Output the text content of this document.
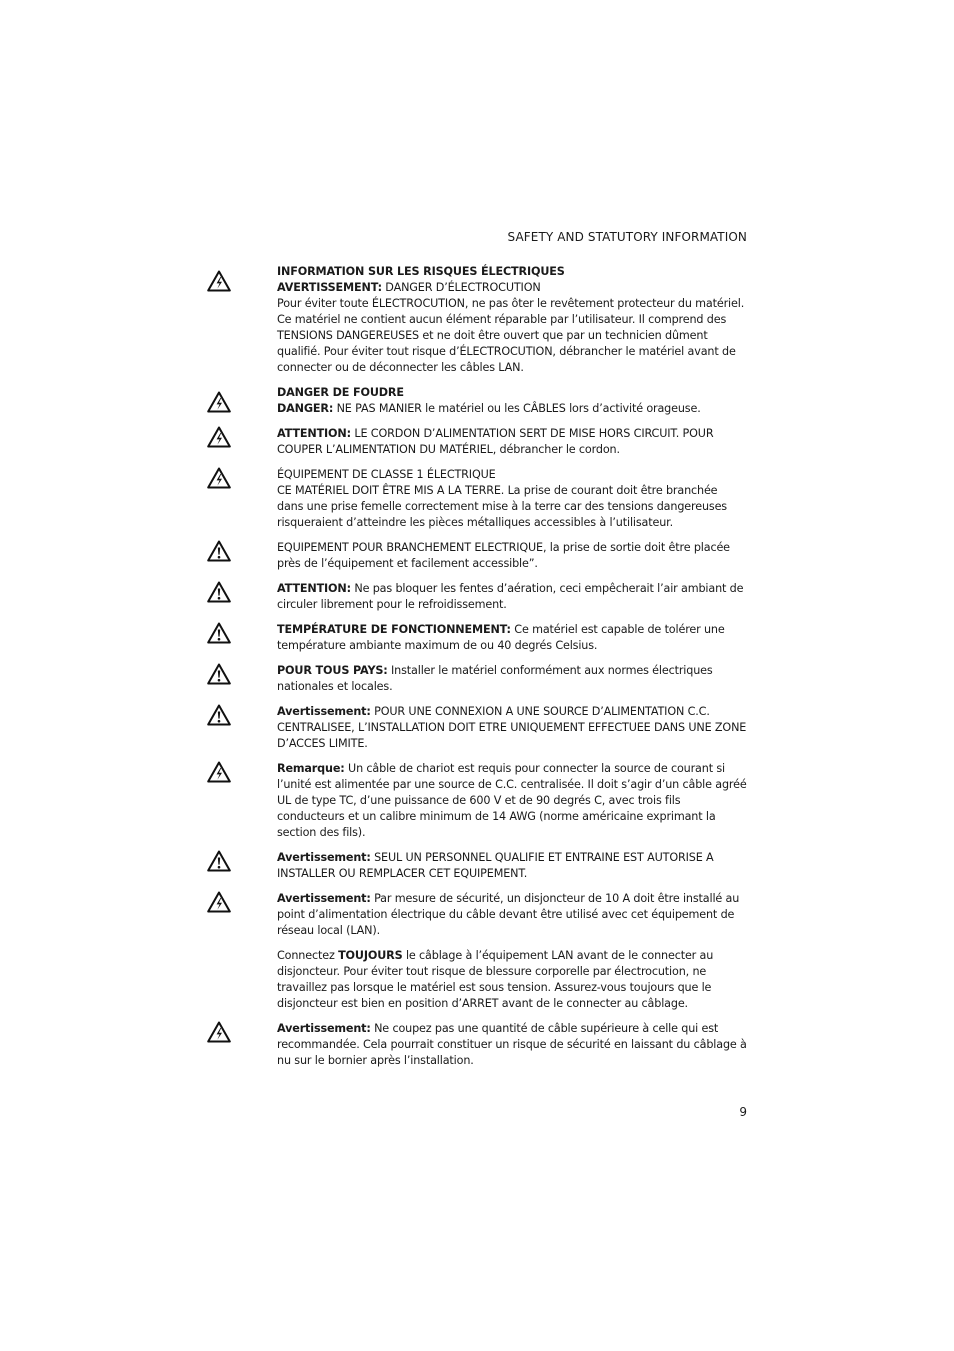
SAFETY AND STATUTORY INFORMATION

INFORMATION SUR LES RISQUES ÉLECTRIQUES

AVERTISSEMENT: DANGER D’ÉLECTROCUTION

Pour éviter toute ÉLECTROCUTION, ne pas ôter le revêtement protecteur du matériel. Ce matériel ne contient aucun élément réparable par l’utilisateur. Il comprend des TENSIONS DANGEREUSES et ne doit être ouvert que par un technicien dûment qualifié. Pour éviter tout risque d’ÉLECTROCUTION, débrancher le matériel avant de connecter ou de déconnecter les câbles LAN.

DANGER DE FOUDRE

DANGER: NE PAS MANIER le matériel ou les CÂBLES lors d’activité orageuse.

ATTENTION: LE CORDON D’ALIMENTATION SERT DE MISE HORS CIRCUIT. POUR COUPER L’ALIMENTATION DU MATÉRIEL, débrancher le cordon.

ÉQUIPEMENT DE CLASSE 1 ÉLECTRIQUE

CE MATÉRIEL DOIT ÊTRE MIS A LA TERRE. La prise de courant doit être branchée dans une prise femelle correctement mise à la terre car des tensions dangereuses risqueraient d’atteindre les pièces métalliques accessibles à l’utilisateur.

EQUIPEMENT POUR BRANCHEMENT ELECTRIQUE, la prise de sortie doit être placée près de l’équipement et facilement accessible”.

ATTENTION: Ne pas bloquer les fentes d’aération, ceci empêcherait l’air ambiant de circuler librement pour le refroidissement.

TEMPÉRATURE DE FONCTIONNEMENT: Ce matériel est capable de tolérer une température ambiante maximum de ou 40 degrés Celsius.

POUR TOUS PAYS: Installer le matériel conformément aux normes électriques nationales et locales.

Avertissement: POUR UNE CONNEXION A UNE SOURCE D’ALIMENTATION C.C. CENTRALISEE, L’INSTALLATION DOIT ETRE UNIQUEMENT EFFECTUEE DANS UNE ZONE D’ACCES LIMITE.

Remarque: Un câble de chariot est requis pour connecter la source de courant si l’unité est alimentée par une source de C.C. centralisée. Il doit s’agir d’un câble agréé UL de type TC, d’une puissance de 600 V et de 90 degrés C, avec trois fils conducteurs et un calibre minimum de 14 AWG (norme américaine exprimant la section des fils).

Avertissement: SEUL UN PERSONNEL QUALIFIE ET ENTRAINE EST AUTORISE A INSTALLER OU REMPLACER CET EQUIPEMENT.

Avertissement: Par mesure de sécurité, un disjoncteur de 10 A doit être installé au point d’alimentation électrique du câble devant être utilisé avec cet équipement de réseau local (LAN).

Connectez TOUJOURS le câblage à l’équipement LAN avant de le connecter au disjoncteur. Pour éviter tout risque de blessure corporelle par électrocution, ne travaillez pas lorsque le matériel est sous tension. Assurez-vous toujours que le disjoncteur est bien en position d’ARRET avant de le connecter au câblage.

Avertissement: Ne coupez pas une quantité de câble supérieure à celle qui est recommandée. Cela pourrait constituer un risque de sécurité en laissant du câblage à nu sur le bornier après l’installation.

9
